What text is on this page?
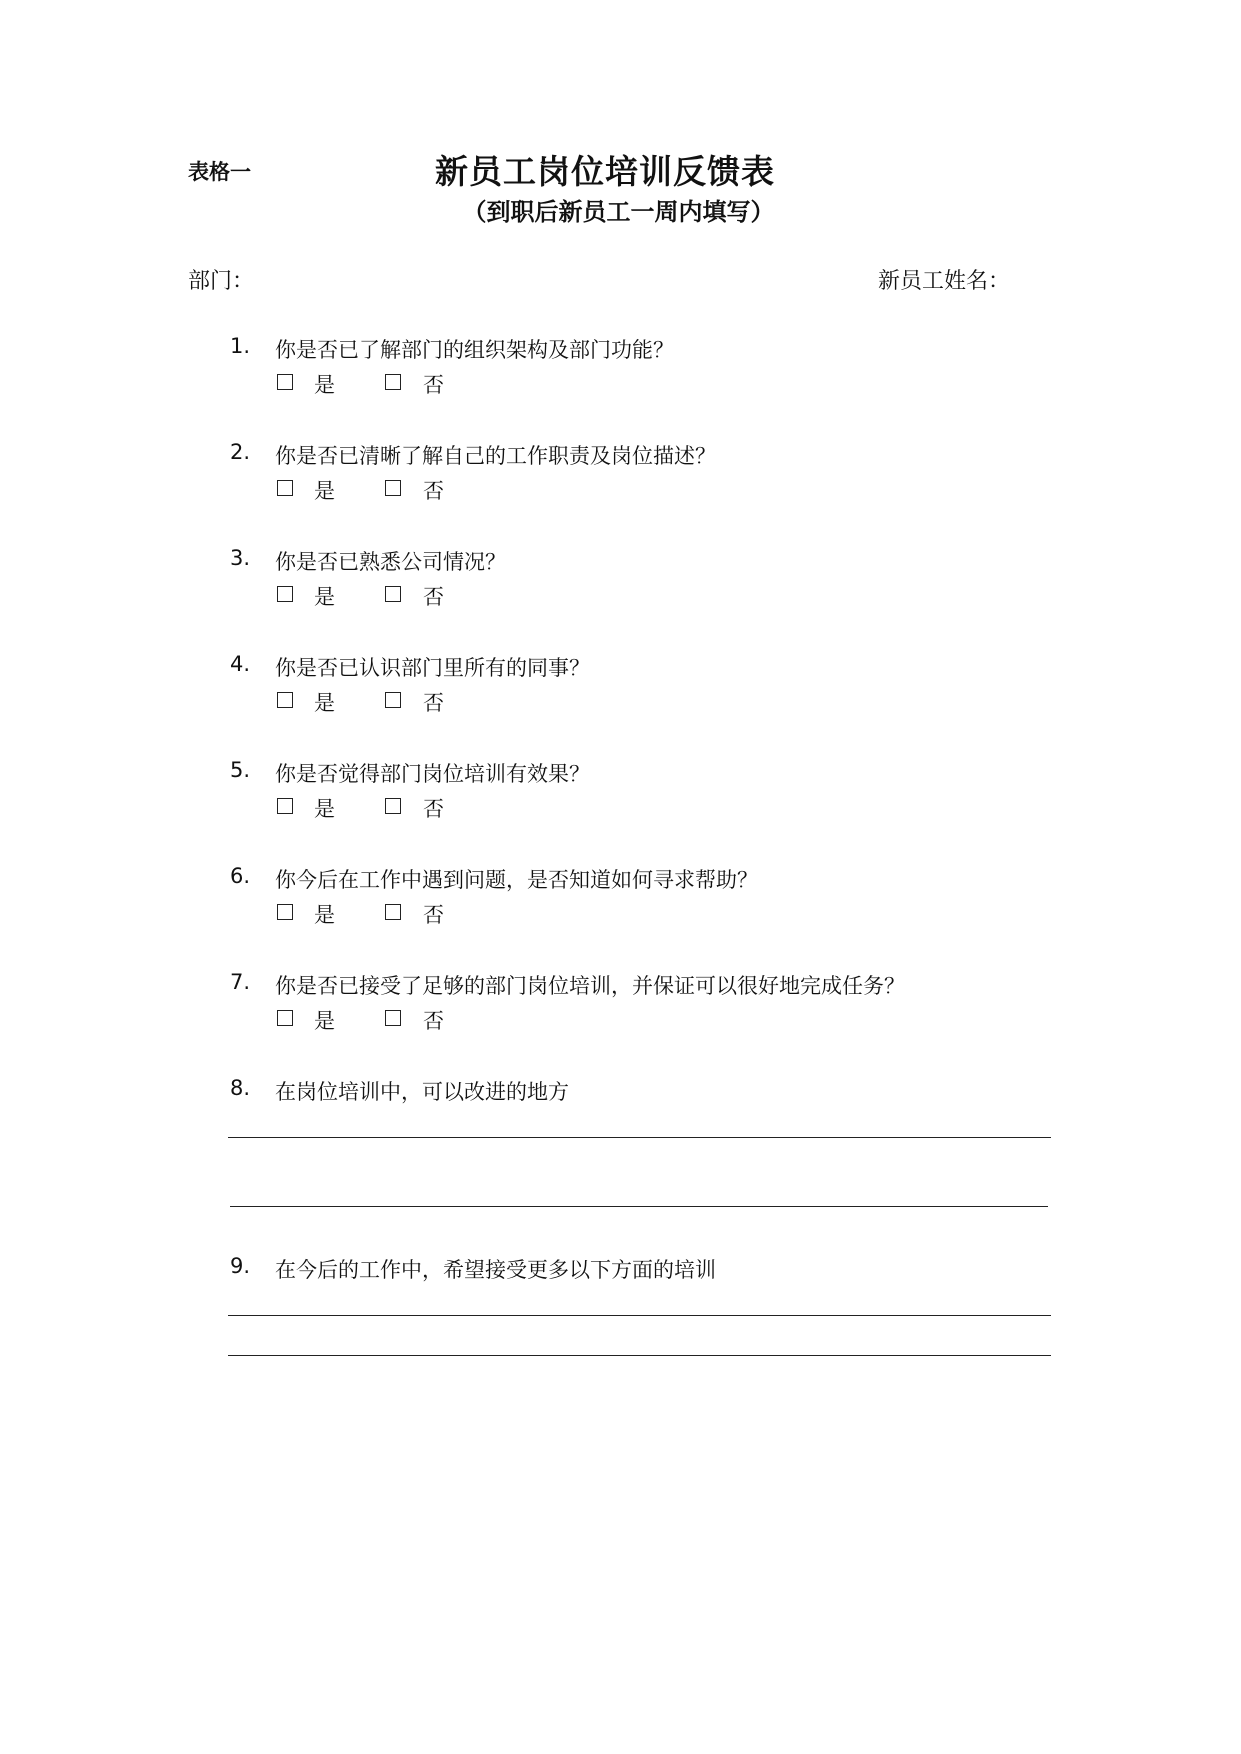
表格一	新员工岗位培训反馈表
（到职后新员工一周内填写）
部门：	新员工姓名：
1. 你是否已了解部门的组织架构及部门功能？
是	否
2. 你是否已清晰了解自己的工作职责及岗位描述？
是	否
3. 你是否已熟悉公司情况？
是	否
4. 你是否已认识部门里所有的同事？
是	否
5. 你是否觉得部门岗位培训有效果？
是	否
6. 你今后在工作中遇到问题，是否知道如何寻求帮助？
是	否
7. 你是否已接受了足够的部门岗位培训，并保证可以很好地完成任务？
是	否
8. 在岗位培训中，可以改进的地方
9. 在今后的工作中，希望接受更多以下方面的培训
